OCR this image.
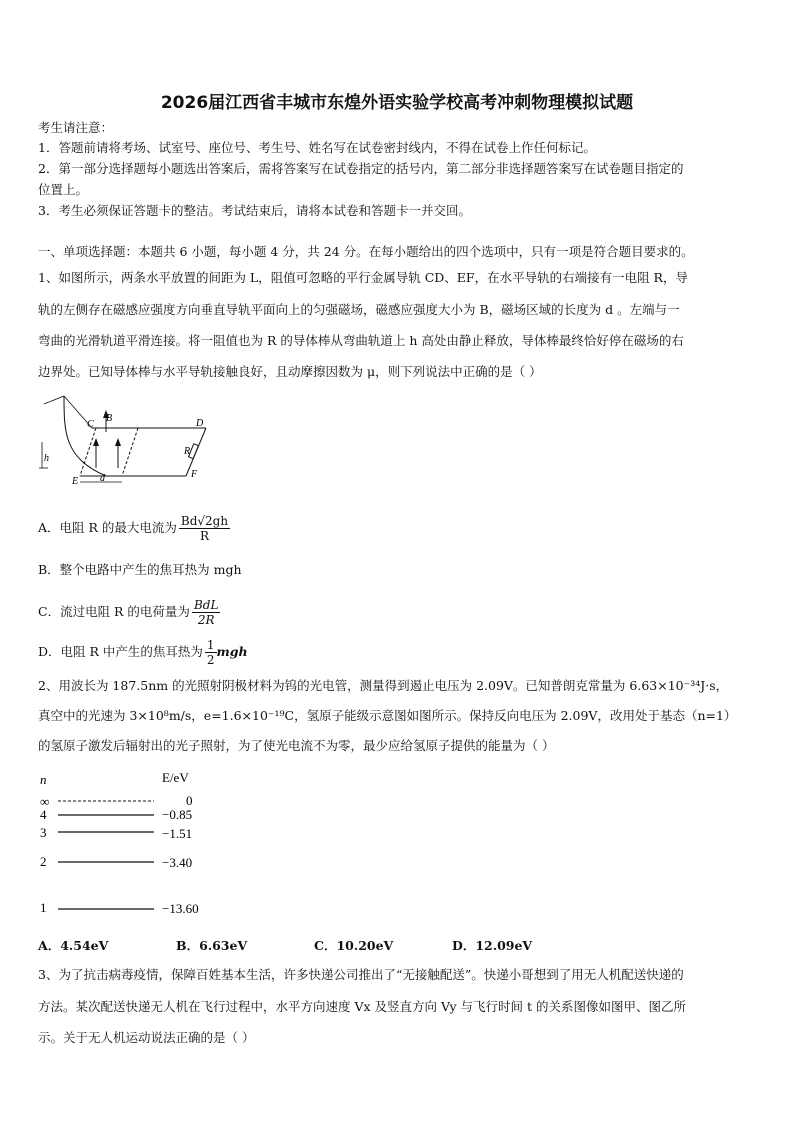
2026届江西省丰城市东煌外语实验学校高考冲刺物理模拟试题
考生请注意：
1．答题前请将考场、试室号、座位号、考生号、姓名写在试卷密封线内，不得在试卷上作任何标记。
2．第一部分选择题每小题选出答案后，需将答案写在试卷指定的括号内，第二部分非选择题答案写在试卷题目指定的
位置上。
3．考生必须保证答题卡的整洁。考试结束后，请将本试卷和答题卡一并交回。
一、单项选择题：本题共 6 小题，每小题 4 分，共 24 分。在每小题给出的四个选项中，只有一项是符合题目要求的。
1、如图所示，两条水平放置的间距为 L，阻值可忽略的平行金属导轨 CD、EF，在水平导轨的右端接有一电阻 R，导
轨的左侧存在磁感应强度方向垂直导轨平面向上的匀强磁场，磁感应强度大小为 B，磁场区域的长度为 d 。左端与一
弯曲的光滑轨道平滑连接。将一阻值也为 R 的导体棒从弯曲轨道上 h 高处由静止释放，导体棒最终恰好停在磁场的右
边界处。已知导体棒与水平导轨接触良好，且动摩擦因数为 μ，则下列说法中正确的是（ ）
B
C	D
E
F
R
h
d
A．电阻 R 的最大电流为 $\frac{Bd√2gh}{R}$
B．整个电路中产生的焦耳热为 mgh
C．流过电阻 R 的电荷量为 $\frac{\text{BdL}}{2R}$
D．电阻 R 中产生的焦耳热为 $\frac{1}{2}$ mgh
2、用波长为 187.5nm 的光照射阴极材料为钨的光电管，测量得到遏止电压为 2.09V。已知普朗克常量为 6.63×10⁻³⁴J·s，
真空中的光速为 3×10⁸m/s，e=1.6×10⁻¹⁹C，氢原子能级示意图如图所示。保持反向电压为 2.09V，改用处于基态（n=1）
的氢原子激发后辐射出的光子照射，为了使光电流不为零，最少应给氢原子提供的能量为（ ）
n	E/eV
∞	0
4	−0.85
3	−1.51
2	−3.40
1	−13.60
A．4.54eV	B．6.63eV	C．10.20eV	D．12.09eV
3、为了抗击病毒疫情，保障百姓基本生活，许多快递公司推出了“无接触配送”。快递小哥想到了用无人机配送快递的
方法。某次配送快递无人机在飞行过程中，水平方向速度 Vx 及竖直方向 Vy 与飞行时间 t 的关系图像如图甲、图乙所
示。关于无人机运动说法正确的是（ ）
